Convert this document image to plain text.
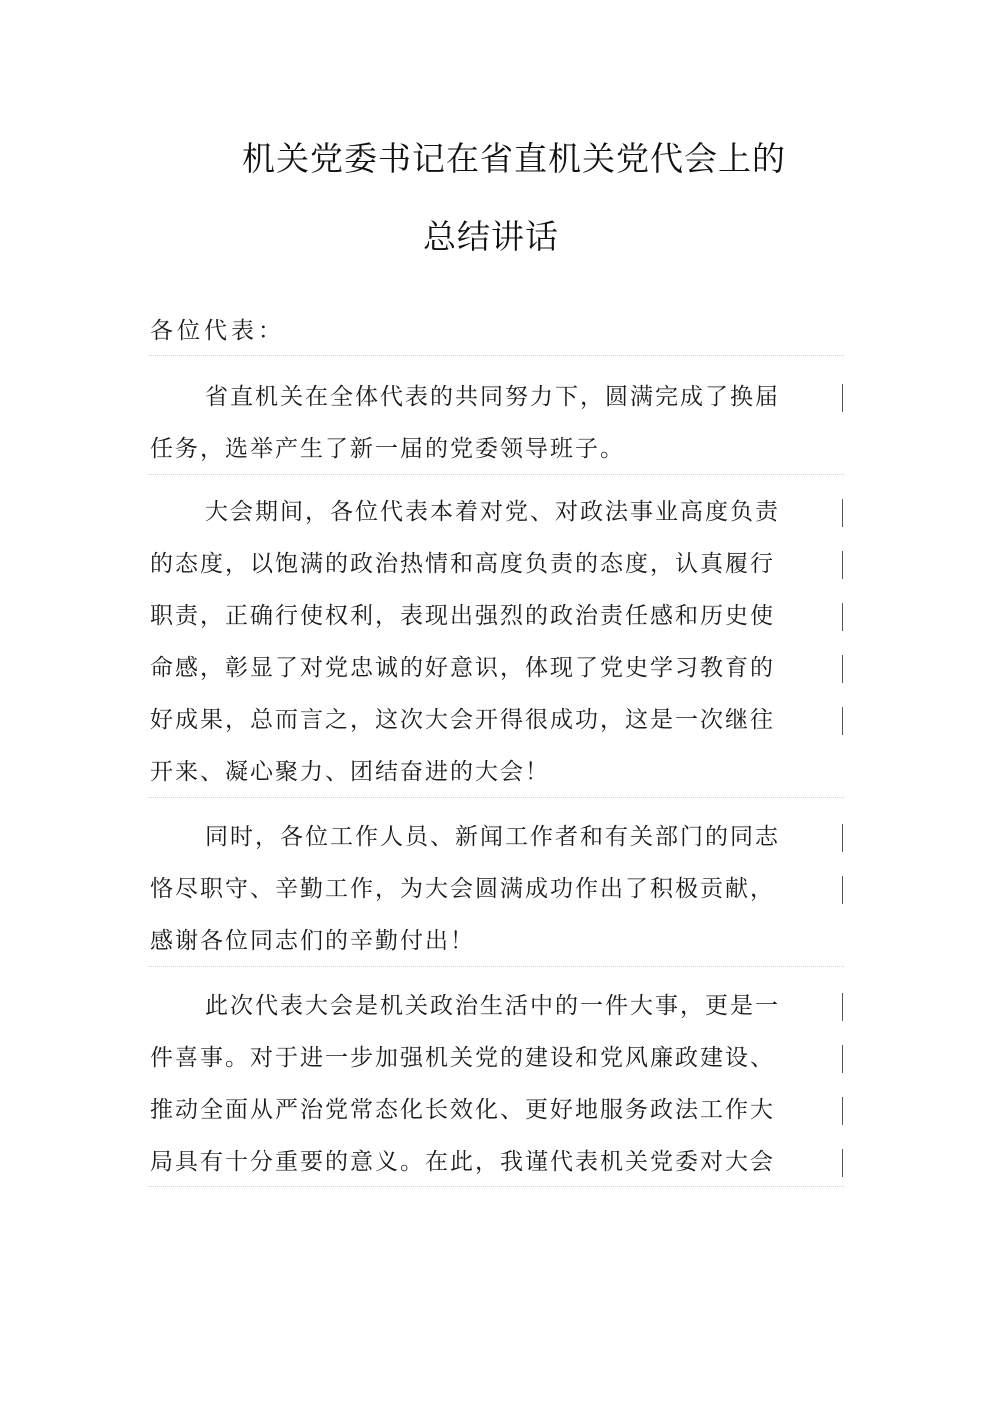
机关党委书记在省直机关党代会上的
总结讲话
各位代表：
省直机关在全体代表的共同努力下，圆满完成了换届
任务，选举产生了新一届的党委领导班子。
大会期间，各位代表本着对党、对政法事业高度负责
的态度，以饱满的政治热情和高度负责的态度，认真履行
职责，正确行使权利，表现出强烈的政治责任感和历史使
命感，彰显了对党忠诚的好意识，体现了党史学习教育的
好成果，总而言之，这次大会开得很成功，这是一次继往
开来、凝心聚力、团结奋进的大会！
同时，各位工作人员、新闻工作者和有关部门的同志
恪尽职守、辛勤工作，为大会圆满成功作出了积极贡献，
感谢各位同志们的辛勤付出！
此次代表大会是机关政治生活中的一件大事，更是一
件喜事。对于进一步加强机关党的建设和党风廉政建设、
推动全面从严治党常态化长效化、更好地服务政法工作大
局具有十分重要的意义。在此，我谨代表机关党委对大会
